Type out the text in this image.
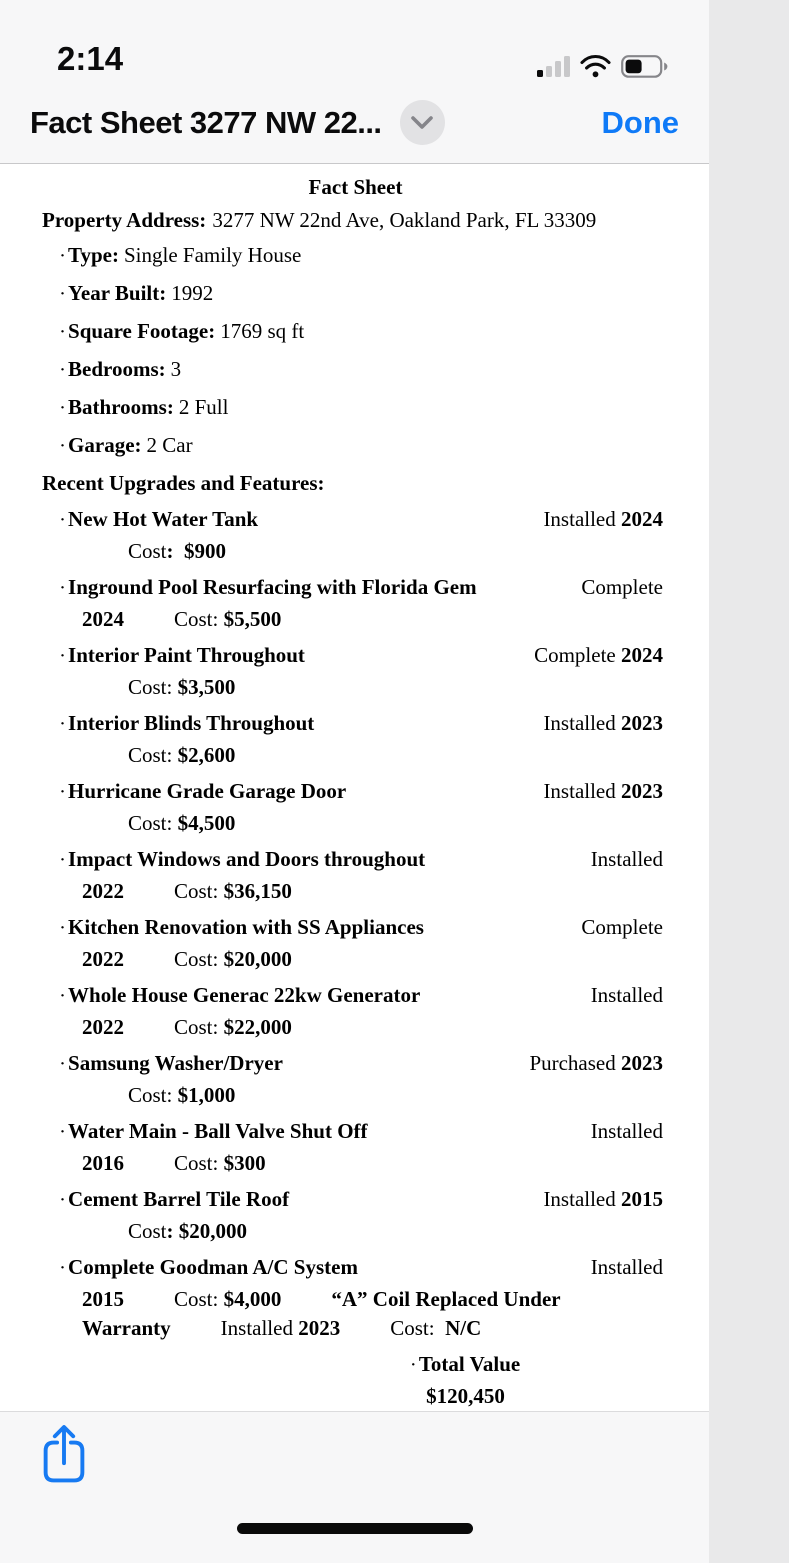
2:14
Fact Sheet 3277 NW 22...	Done
Fact Sheet
Property Address: 3277 NW 22nd Ave, Oakland Park, FL 33309
· Type: Single Family House
· Year Built: 1992
· Square Footage: 1769 sq ft
· Bedrooms: 3
· Bathrooms: 2 Full
· Garage: 2 Car
Recent Upgrades and Features:
· New Hot Water Tank	Installed 2024
Cost:  $900
· Inground Pool Resurfacing with Florida Gem	Complete
2024 Cost: $5,500
· Interior Paint Throughout	Complete 2024
Cost: $3,500
· Interior Blinds Throughout	Installed 2023
Cost: $2,600
· Hurricane Grade Garage Door	Installed 2023
Cost: $4,500
· Impact Windows and Doors throughout	Installed
2022 Cost: $36,150
· Kitchen Renovation with SS Appliances	Complete
2022 Cost: $20,000
· Whole House Generac 22kw Generator	Installed
2022 Cost: $22,000
· Samsung Washer/Dryer	Purchased 2023
Cost: $1,000
· Water Main - Ball Valve Shut Off	Installed
2016 Cost: $300
· Cement Barrel Tile Roof	Installed 2015
Cost: $20,000
· Complete Goodman A/C System	Installed
2015 Cost: $4,000 “A” Coil Replaced Under
Warranty Installed 2023 Cost:  N/C
· Total Value
$120,450
